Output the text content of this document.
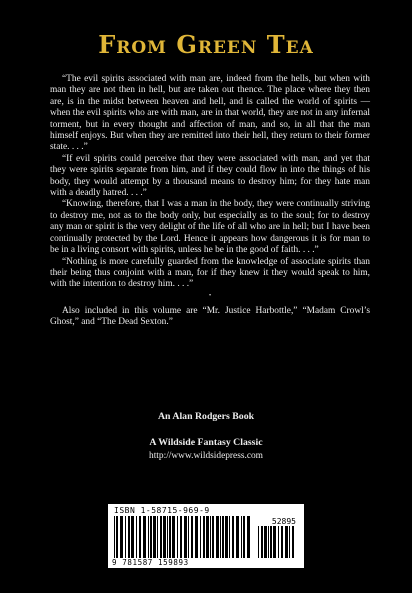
From Green Tea

“The evil spirits associated with man are, indeed from the hells, but when with man they are not then in hell, but are taken out thence. The place where they then are, is in the midst between heaven and hell, and is called the world of spirits — when the evil spirits who are with man, are in that world, they are not in any infernal torment, but in every thought and affection of man, and so, in all that the man himself enjoys. But when they are remitted into their hell, they return to their former state. . . .”

“If evil spirits could perceive that they were associated with man, and yet that they were spirits separate from him, and if they could flow in into the things of his body, they would attempt by a thousand means to destroy him; for they hate man with a deadly hatred. . . .”

“Knowing, therefore, that I was a man in the body, they were continually striving to destroy me, not as to the body only, but especially as to the soul; for to destroy any man or spirit is the very delight of the life of all who are in hell; but I have been continually protected by the Lord. Hence it appears how dangerous it is for man to be in a living consort with spirits, unless he be in the good of faith. . . .”

“Nothing is more carefully guarded from the knowledge of associate spirits than their being thus conjoint with a man, for if they knew it they would speak to him, with the intention to destroy him. . . .”

•

Also included in this volume are “Mr. Justice Harbottle,” “Madam Crowl’s Ghost,” and “The Dead Sexton.”

An Alan Rodgers Book
A Wildside Fantasy Classic
http://www.wildsidepress.com
ISBN 1-58715-969-9
52895
9 781587 159893
